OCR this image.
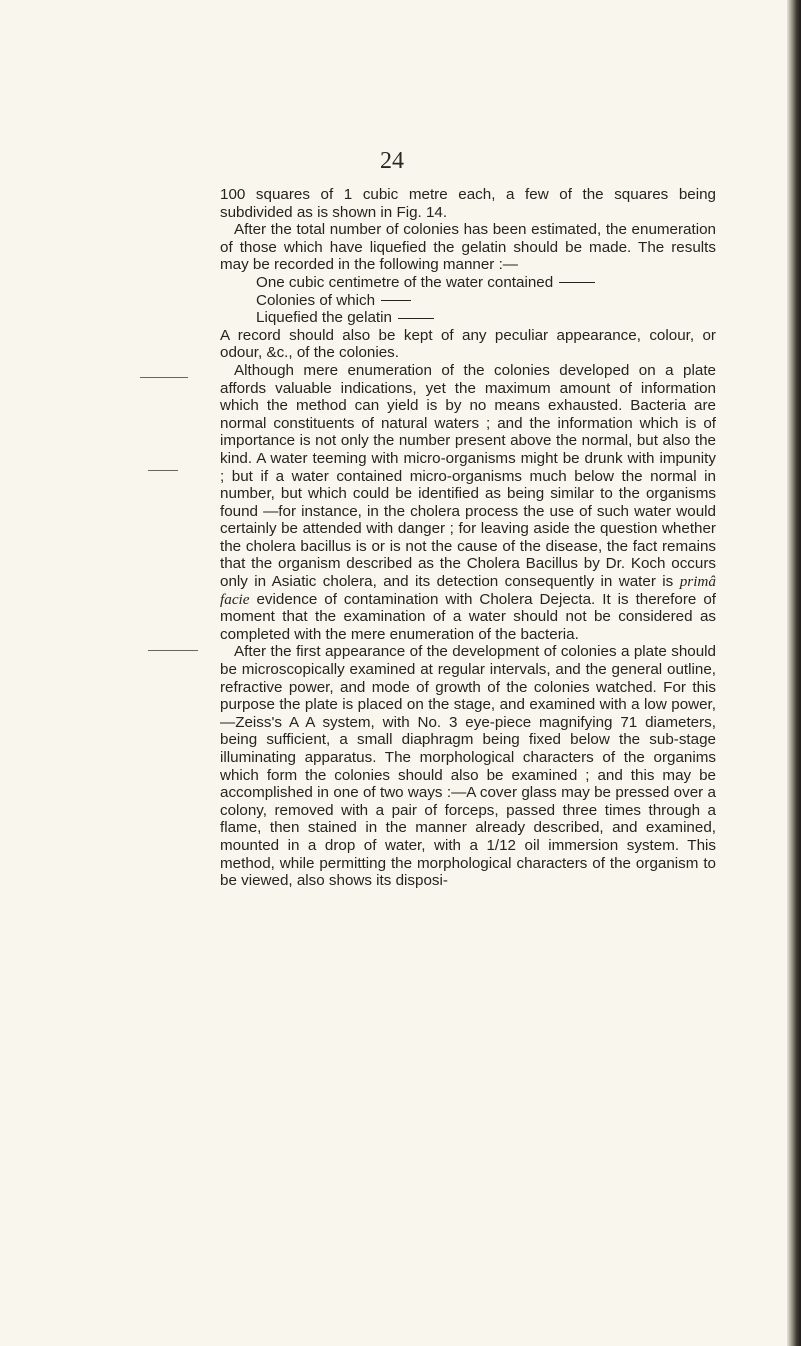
24

100 squares of 1 cubic metre each, a few of the squares being subdivided as is shown in Fig. 14.

After the total number of colonies has been estimated, the enumeration of those which have liquefied the gelatin should be made. The results may be recorded in the following manner :—

One cubic centimetre of the water contained
Colonies of which
Liquefied the gelatin

A record should also be kept of any peculiar appearance, colour, or odour, &c., of the colonies.

Although mere enumeration of the colonies developed on a plate affords valuable indications, yet the maximum amount of information which the method can yield is by no means exhausted. Bacteria are normal constituents of natural waters ; and the information which is of importance is not only the number present above the normal, but also the kind. A water teeming with micro-organisms might be drunk with impunity ; but if a water contained micro-organisms much below the normal in number, but which could be identified as being similar to the organisms found —for instance, in the cholera process the use of such water would certainly be attended with danger ; for leaving aside the question whether the cholera bacillus is or is not the cause of the disease, the fact remains that the organism described as the Cholera Bacillus by Dr. Koch occurs only in Asiatic cholera, and its detection consequently in water is primâ facie evidence of contamination with Cholera Dejecta. It is therefore of moment that the examination of a water should not be considered as completed with the mere enumeration of the bacteria.

After the first appearance of the development of colonies a plate should be microscopically examined at regular intervals, and the general outline, refractive power, and mode of growth of the colonies watched. For this purpose the plate is placed on the stage, and examined with a low power,—Zeiss's A A system, with No. 3 eye-piece magnifying 71 diameters, being sufficient, a small diaphragm being fixed below the sub-stage illuminating apparatus. The morphological characters of the organims which form the colonies should also be examined ; and this may be accomplished in one of two ways :—A cover glass may be pressed over a colony, removed with a pair of forceps, passed three times through a flame, then stained in the manner already described, and examined, mounted in a drop of water, with a 1/12 oil immersion system. This method, while permitting the morphological characters of the organism to be viewed, also shows its disposi-
